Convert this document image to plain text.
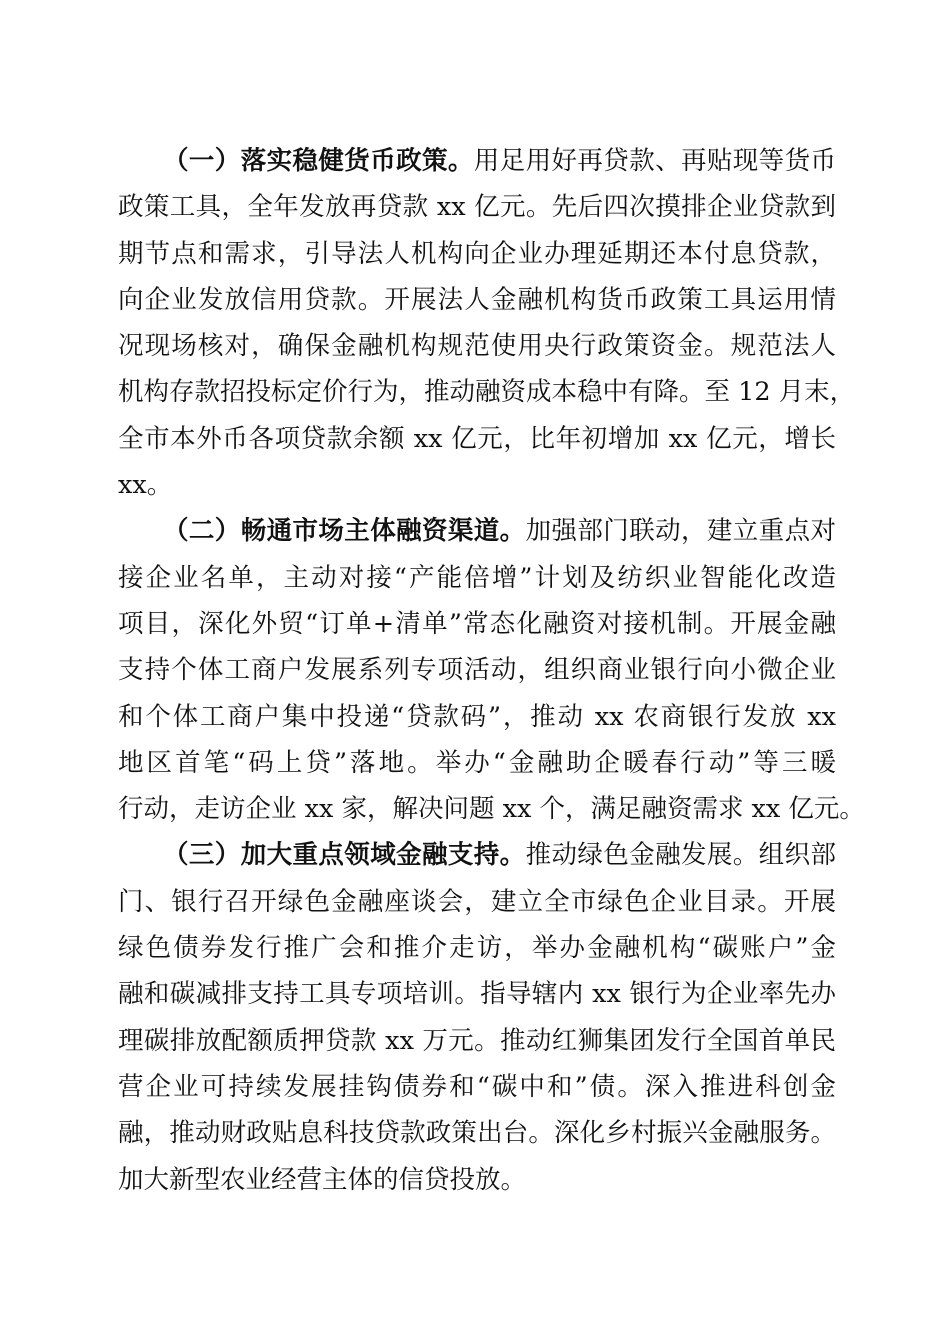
（一）落实稳健货币政策。用足用好再贷款、再贴现等货币
政策工具，全年发放再贷款 xx 亿元。先后四次摸排企业贷款到
期节点和需求，引导法人机构向企业办理延期还本付息贷款，
向企业发放信用贷款。开展法人金融机构货币政策工具运用情
况现场核对，确保金融机构规范使用央行政策资金。规范法人
机构存款招投标定价行为，推动融资成本稳中有降。至 12 月末，
全市本外币各项贷款余额 xx 亿元，比年初增加 xx 亿元，增长
xx。
（二）畅通市场主体融资渠道。加强部门联动，建立重点对
接企业名单，主动对接“产能倍增”计划及纺织业智能化改造
项目，深化外贸“订单+清单”常态化融资对接机制。开展金融
支持个体工商户发展系列专项活动，组织商业银行向小微企业
和个体工商户集中投递“贷款码”，推动 xx 农商银行发放 xx
地区首笔“码上贷”落地。举办“金融助企暖春行动”等三暖
行动，走访企业 xx 家，解决问题 xx 个，满足融资需求 xx 亿元。
（三）加大重点领域金融支持。推动绿色金融发展。组织部
门、银行召开绿色金融座谈会，建立全市绿色企业目录。开展
绿色债券发行推广会和推介走访，举办金融机构“碳账户”金
融和碳减排支持工具专项培训。指导辖内 xx 银行为企业率先办
理碳排放配额质押贷款 xx 万元。推动红狮集团发行全国首单民
营企业可持续发展挂钩债券和“碳中和”债。深入推进科创金
融，推动财政贴息科技贷款政策出台。深化乡村振兴金融服务。
加大新型农业经营主体的信贷投放。
